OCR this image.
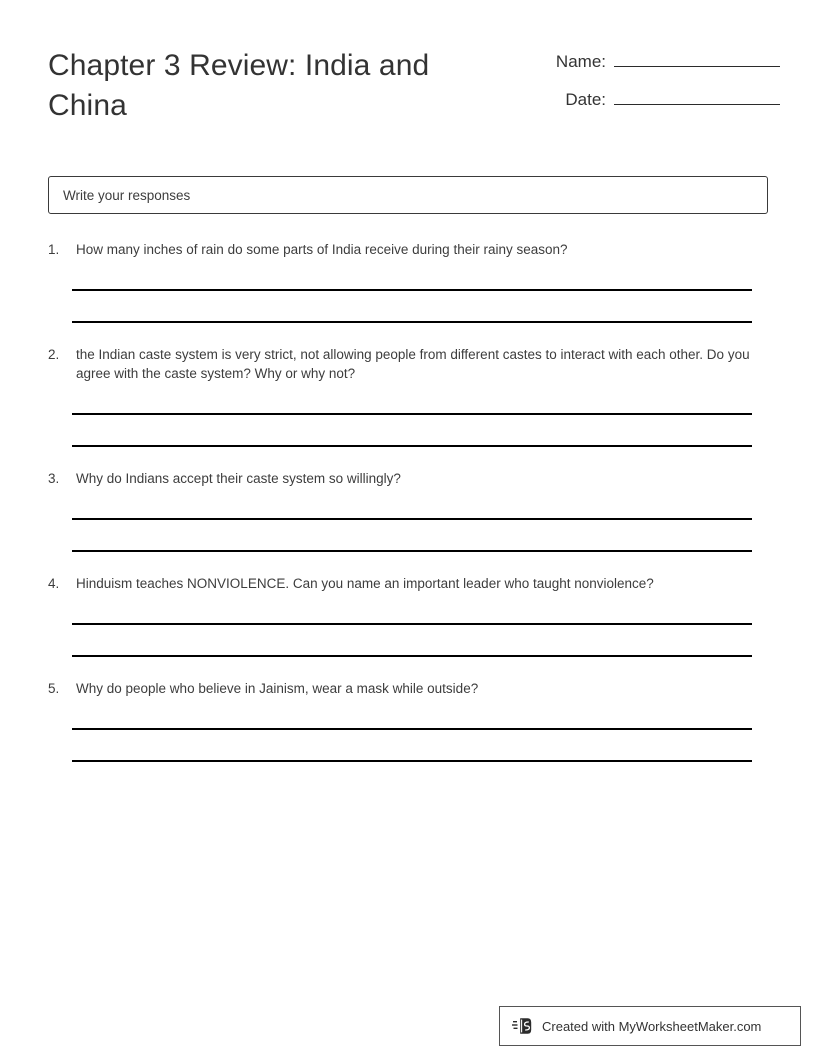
Chapter 3 Review: India and China
Name:
Date:
Write your responses
1.	How many inches of rain do some parts of India receive during their rainy season?
2.	the Indian caste system is very strict, not allowing people from different castes to interact with each other. Do you agree with the caste system? Why or why not?
3.	Why do Indians accept their caste system so willingly?
4.	Hinduism teaches NONVIOLENCE. Can you name an important leader who taught nonviolence?
5.	Why do people who believe in Jainism, wear a mask while outside?
Created with MyWorksheetMaker.com
